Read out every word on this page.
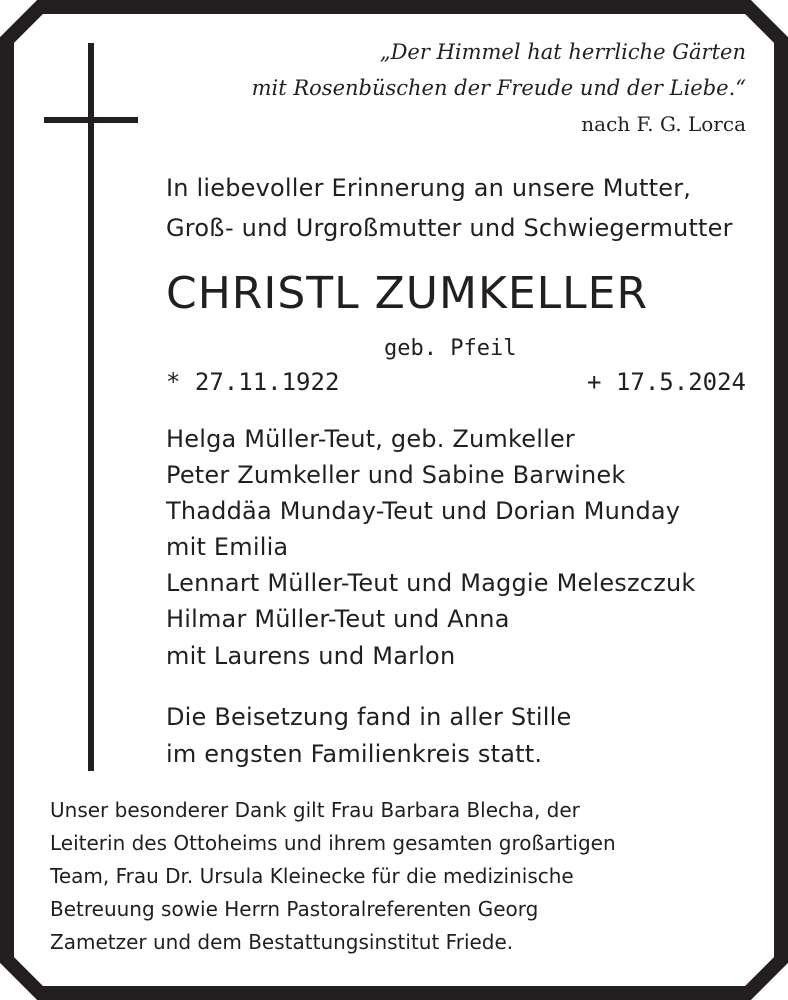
„Der Himmel hat herrliche Gärten
mit Rosenbüschen der Freude und der Liebe.“
nach F. G. Lorca
In liebevoller Erinnerung an unsere Mutter,
Groß- und Urgroßmutter und Schwiegermutter
CHRISTL ZUMKELLER
geb. Pfeil
* 27.11.1922	+ 17.5.2024
Helga Müller-Teut, geb. Zumkeller
Peter Zumkeller und Sabine Barwinek
Thaddäa Munday-Teut und Dorian Munday
mit Emilia
Lennart Müller-Teut und Maggie Meleszczuk
Hilmar Müller-Teut und Anna
mit Laurens und Marlon
Die Beisetzung fand in aller Stille
im engsten Familienkreis statt.
Unser besonderer Dank gilt Frau Barbara Blecha, der
Leiterin des Ottoheims und ihrem gesamten großartigen
Team, Frau Dr. Ursula Kleinecke für die medizinische
Betreuung sowie Herrn Pastoralreferenten Georg
Zametzer und dem Bestattungsinstitut Friede.
